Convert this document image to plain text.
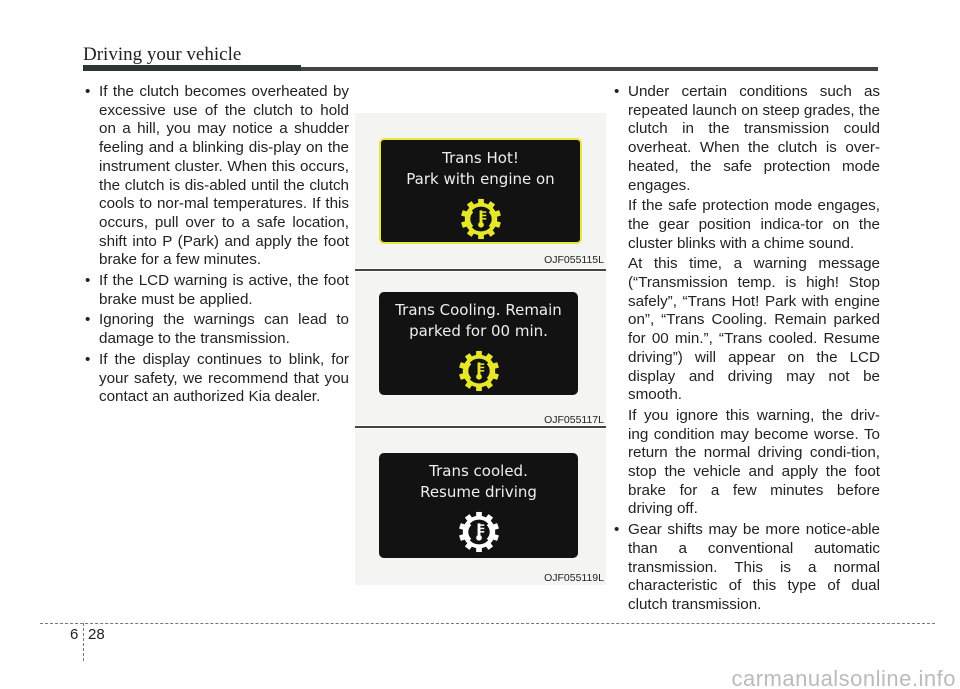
Driving your vehicle
• If the clutch becomes overheated by excessive use of the clutch to hold on a hill, you may notice a shudder feeling and a blinking dis-play on the instrument cluster. When this occurs, the clutch is dis-abled until the clutch cools to nor-mal temperatures. If this occurs, pull over to a safe location, shift into P (Park) and apply the foot brake for a few minutes.
• If the LCD warning is active, the foot brake must be applied.
• Ignoring the warnings can lead to damage to the transmission.
• If the display continues to blink, for your safety, we recommend that you contact an authorized Kia dealer.
Trans Hot!
Park with engine on
OJF055115L
Trans Cooling. Remain
parked for 00 min.
OJF055117L
Trans cooled.
Resume driving
OJF055119L
• Under certain conditions such as repeated launch on steep grades, the clutch in the transmission could overheat. When the clutch is over-heated, the safe protection mode engages.

If the safe protection mode engages, the gear position indica-tor on the cluster blinks with a chime sound.

At this time, a warning message (“Transmission temp. is high! Stop safely”, “Trans Hot! Park with engine on”, “Trans Cooling. Remain parked for 00 min.”, “Trans cooled. Resume driving”) will appear on the LCD display and driving may not be smooth.

If you ignore this warning, the driv-ing condition may become worse. To return the normal driving condi-tion, stop the vehicle and apply the foot brake for a few minutes before driving off.

• Gear shifts may be more notice-able than a conventional automatic transmission. This is a normal characteristic of this type of dual clutch transmission.
6 28
carmanualsonline.info
